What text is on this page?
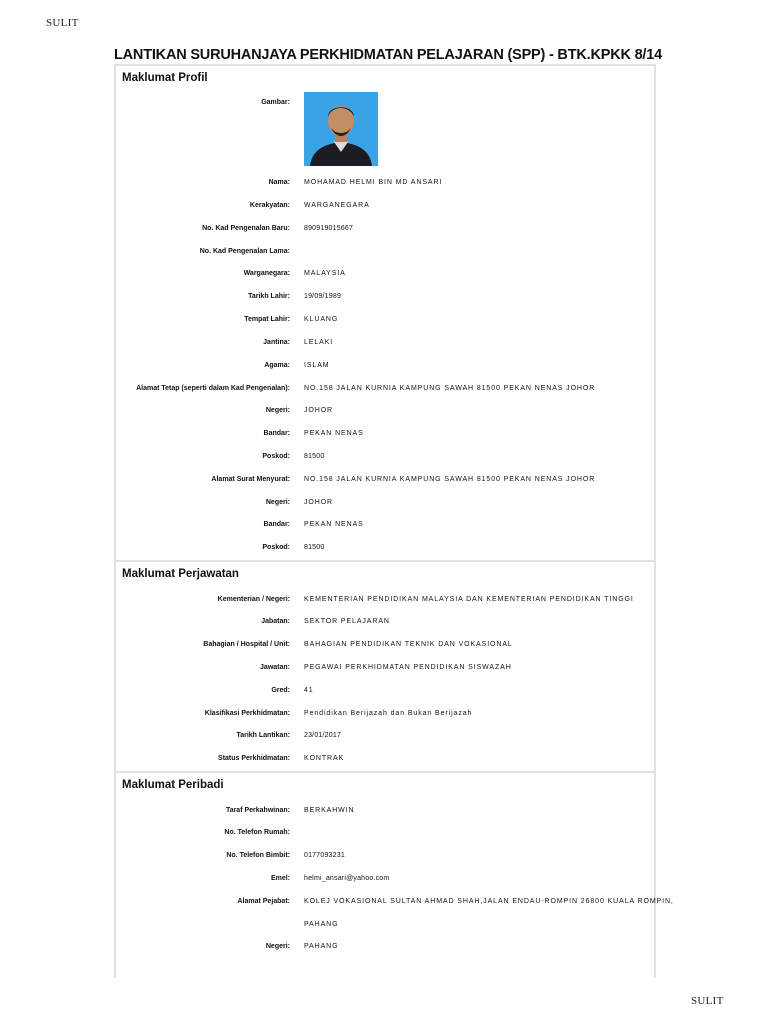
SULIT
LANTIKAN SURUHANJAYA PERKHIDMATAN PELAJARAN (SPP) - BTK.KPKK 8/14
Maklumat Profil
Gambar:
Nama: MOHAMAD HELMI BIN MD ANSARI
Kerakyatan: WARGANEGARA
No. Kad Pengenalan Baru: 890919015667
No. Kad Pengenalan Lama:
Warganegara: MALAYSIA
Tarikh Lahir: 19/09/1989
Tempat Lahir: KLUANG
Jantina: LELAKI
Agama: ISLAM
Alamat Tetap (seperti dalam Kad Pengenalan): NO.158 JALAN KURNIA KAMPUNG SAWAH 81500 PEKAN NENAS JOHOR
Negeri: JOHOR
Bandar: PEKAN NENAS
Poskod: 81500
Alamat Surat Menyurat: NO.158 JALAN KURNIA KAMPUNG SAWAH 81500 PEKAN NENAS JOHOR
Negeri: JOHOR
Bandar: PEKAN NENAS
Poskod: 81500
Maklumat Perjawatan
Kementerian / Negeri: KEMENTERIAN PENDIDIKAN MALAYSIA DAN KEMENTERIAN PENDIDIKAN TINGGI
Jabatan: SEKTOR PELAJARAN
Bahagian / Hospital / Unit: BAHAGIAN PENDIDIKAN TEKNIK DAN VOKASIONAL
Jawatan: PEGAWAI PERKHIDMATAN PENDIDIKAN SISWAZAH
Gred: 41
Klasifikasi Perkhidmatan: Pendidikan Berijazah dan Bukan Berijazah
Tarikh Lantikan: 23/01/2017
Status Perkhidmatan: KONTRAK
Maklumat Peribadi
Taraf Perkahwinan: BERKAHWIN
No. Telefon Rumah:
No. Telefon Bimbit: 0177093231
Emel: helmi_ansari@yahoo.com
Alamat Pejabat: KOLEJ VOKASIONAL SULTAN AHMAD SHAH,JALAN ENDAU-ROMPIN 26800 KUALA ROMPIN,
PAHANG
Negeri: PAHANG
SULIT
